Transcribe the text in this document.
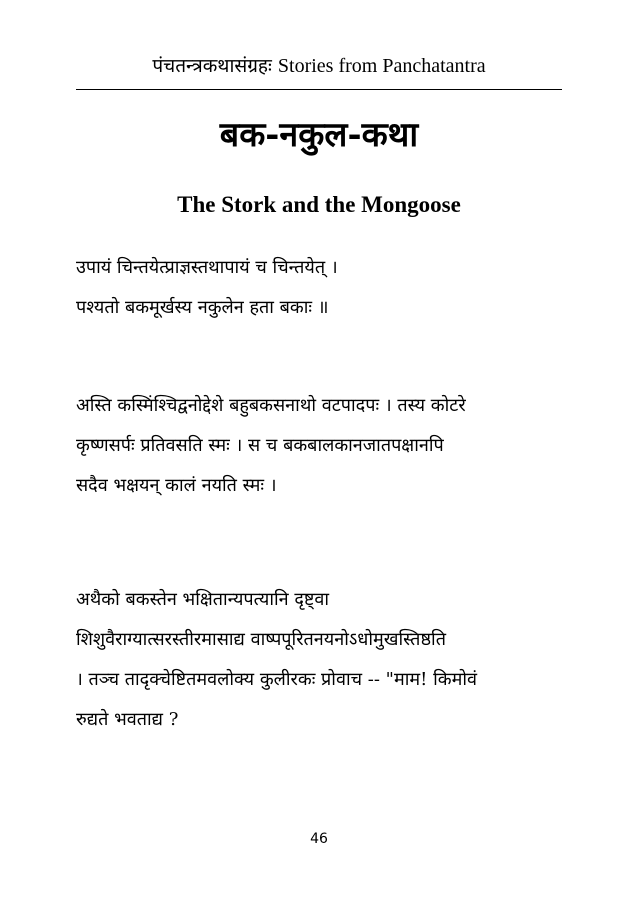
पंचतन्त्रकथासंग्रहः Stories from Panchatantra
बक-नकुल-कथा
The Stork and the Mongoose
उपायं चिन्तयेत्प्राज्ञस्तथापायं च चिन्तयेत् ।
पश्यतो बकमूर्खस्य नकुलेन हता बकाः ॥
अस्ति कस्मिंश्चिद्वनोद्देशे बहुबकसनाथो वटपादपः । तस्य कोटरे
कृष्णसर्पः प्रतिवसति स्मः । स च बकबालकानजातपक्षानपि
सदैव भक्षयन् कालं नयति स्मः ।
अथैको बकस्तेन भक्षितान्यपत्यानि दृष्ट्वा
शिशुवैराग्यात्सरस्तीरमासाद्य वाष्पपूरितनयनोऽधोमुखस्तिष्ठति
। तञ्च तादृक्चेष्टितमवलोक्य कुलीरकः प्रोवाच -- "माम! किमोवं
रुद्यते भवताद्य ?
46
